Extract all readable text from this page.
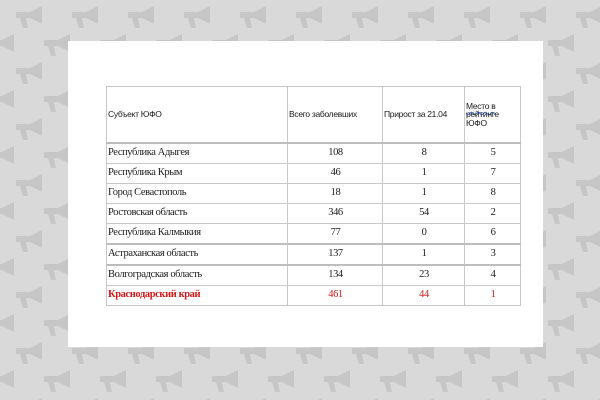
Субъект ЮФО	Всего заболевших	Прирост за 21.04	Место в
рейтинге
ЮФО
Республика Адыгея	108	8	5
Республика Крым	46	1	7
Город Севастополь	18	1	8
Ростовская область	346	54	2
Республика Калмыкия	77	0	6
Астраханская область	137	1	3
Волгоградская область	134	23	4
Краснодарский край	461	44	1
